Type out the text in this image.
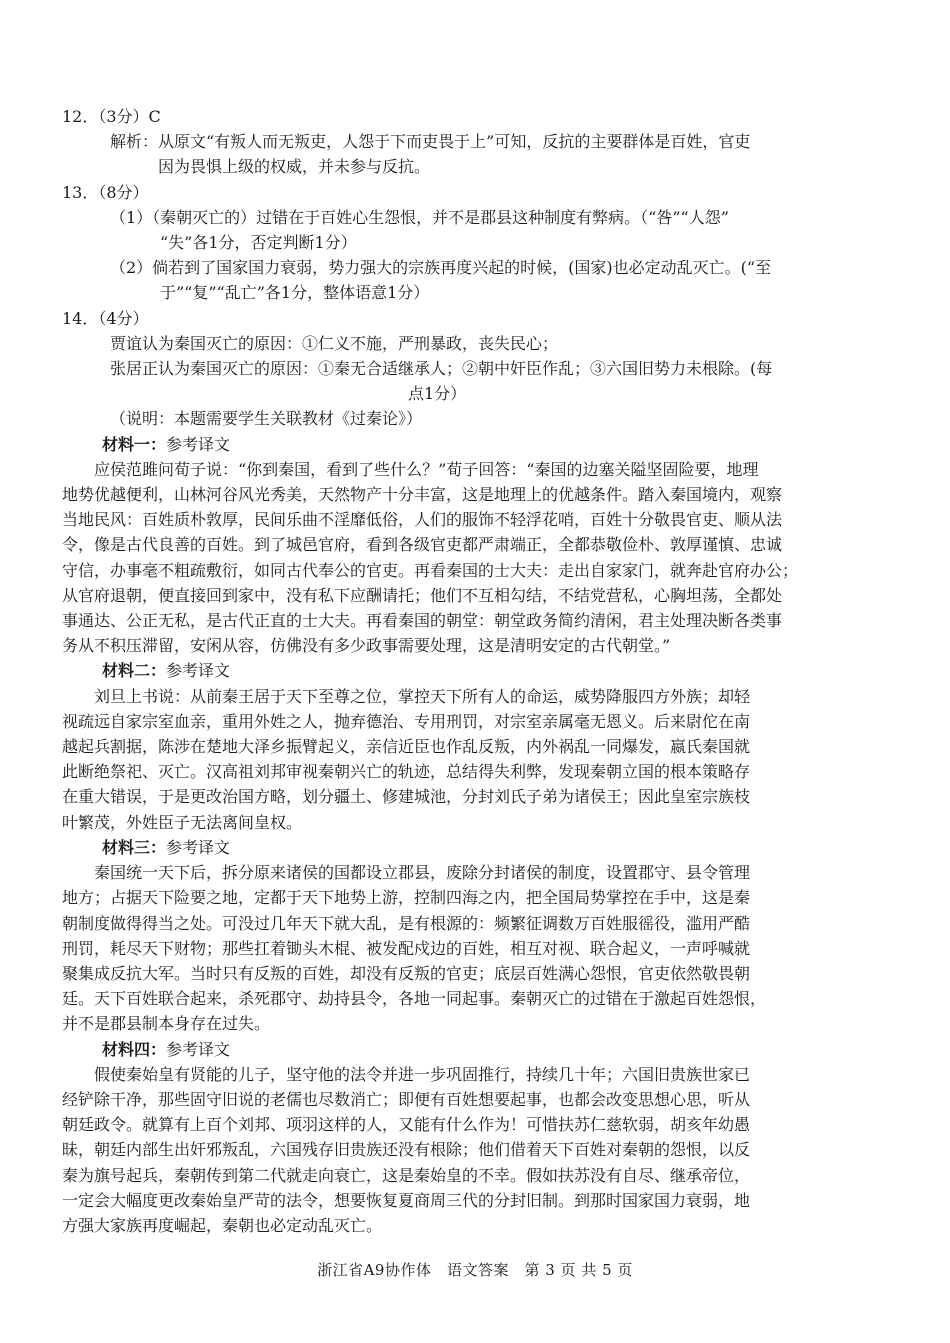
12．（3分）C
解析：从原文“有叛人而无叛吏，人怨于下而吏畏于上”可知，反抗的主要群体是百姓，官吏
因为畏惧上级的权威，并未参与反抗。
13．（8分）
（1）（秦朝灭亡的）过错在于百姓心生怨恨，并不是郡县这种制度有弊病。（“咎”“人怨”
“失”各1分，否定判断1分）
（2）倘若到了国家国力衰弱，势力强大的宗族再度兴起的时候，(国家)也必定动乱灭亡。(“至
于”“复”“乱亡”各1分，整体语意1分）
14．（4分）
贾谊认为秦国灭亡的原因：①仁义不施，严刑暴政，丧失民心；
张居正认为秦国灭亡的原因：①秦无合适继承人；②朝中奸臣作乱；③六国旧势力未根除。(每
点1分）
（说明：本题需要学生关联教材《过秦论》）
材料一：参考译文
应侯范雎问荀子说：“你到秦国，看到了些什么？”荀子回答：“秦国的边塞关隘坚固险要，地理
地势优越便利，山林河谷风光秀美，天然物产十分丰富，这是地理上的优越条件。踏入秦国境内，观察
当地民风：百姓质朴敦厚，民间乐曲不淫靡低俗，人们的服饰不轻浮花哨，百姓十分敬畏官吏、顺从法
令，像是古代良善的百姓。到了城邑官府，看到各级官吏都严肃端正，全都恭敬俭朴、敦厚谨慎、忠诚
守信，办事毫不粗疏敷衍，如同古代奉公的官吏。再看秦国的士大夫：走出自家家门，就奔赴官府办公；
从官府退朝，便直接回到家中，没有私下应酬请托；他们不互相勾结，不结党营私，心胸坦荡，全都处
事通达、公正无私，是古代正直的士大夫。再看秦国的朝堂：朝堂政务简约清闲，君主处理决断各类事
务从不积压滞留，安闲从容，仿佛没有多少政事需要处理，这是清明安定的古代朝堂。”
材料二：参考译文
刘旦上书说：从前秦王居于天下至尊之位，掌控天下所有人的命运，威势降服四方外族；却轻
视疏远自家宗室血亲，重用外姓之人，抛弃德治、专用刑罚，对宗室亲属毫无恩义。后来尉佗在南
越起兵割据，陈涉在楚地大泽乡振臂起义，亲信近臣也作乱反叛，内外祸乱一同爆发，嬴氏秦国就
此断绝祭祀、灭亡。汉高祖刘邦审视秦朝兴亡的轨迹，总结得失利弊，发现秦朝立国的根本策略存
在重大错误，于是更改治国方略，划分疆土、修建城池，分封刘氏子弟为诸侯王；因此皇室宗族枝
叶繁茂，外姓臣子无法离间皇权。
材料三：参考译文
秦国统一天下后，拆分原来诸侯的国都设立郡县，废除分封诸侯的制度，设置郡守、县令管理
地方；占据天下险要之地，定都于天下地势上游，控制四海之内，把全国局势掌控在手中，这是秦
朝制度做得得当之处。可没过几年天下就大乱，是有根源的：频繁征调数万百姓服徭役，滥用严酷
刑罚，耗尽天下财物；那些扛着锄头木棍、被发配戍边的百姓，相互对视、联合起义，一声呼喊就
聚集成反抗大军。当时只有反叛的百姓，却没有反叛的官吏；底层百姓满心怨恨，官吏依然敬畏朝
廷。天下百姓联合起来，杀死郡守、劫持县令，各地一同起事。秦朝灭亡的过错在于激起百姓怨恨，
并不是郡县制本身存在过失。
材料四：参考译文
假使秦始皇有贤能的儿子，坚守他的法令并进一步巩固推行，持续几十年；六国旧贵族世家已
经铲除干净，那些固守旧说的老儒也尽数消亡；即便有百姓想要起事，也都会改变思想心思，听从
朝廷政令。就算有上百个刘邦、项羽这样的人，又能有什么作为！可惜扶苏仁慈软弱，胡亥年幼愚
昧，朝廷内部生出奸邪叛乱，六国残存旧贵族还没有根除；他们借着天下百姓对秦朝的怨恨，以反
秦为旗号起兵，秦朝传到第二代就走向衰亡，这是秦始皇的不幸。假如扶苏没有自尽、继承帝位，
一定会大幅度更改秦始皇严苛的法令，想要恢复夏商周三代的分封旧制。到那时国家国力衰弱，地
方强大家族再度崛起，秦朝也必定动乱灭亡。
浙江省A9协作体　语文答案　第 3 页 共 5 页
